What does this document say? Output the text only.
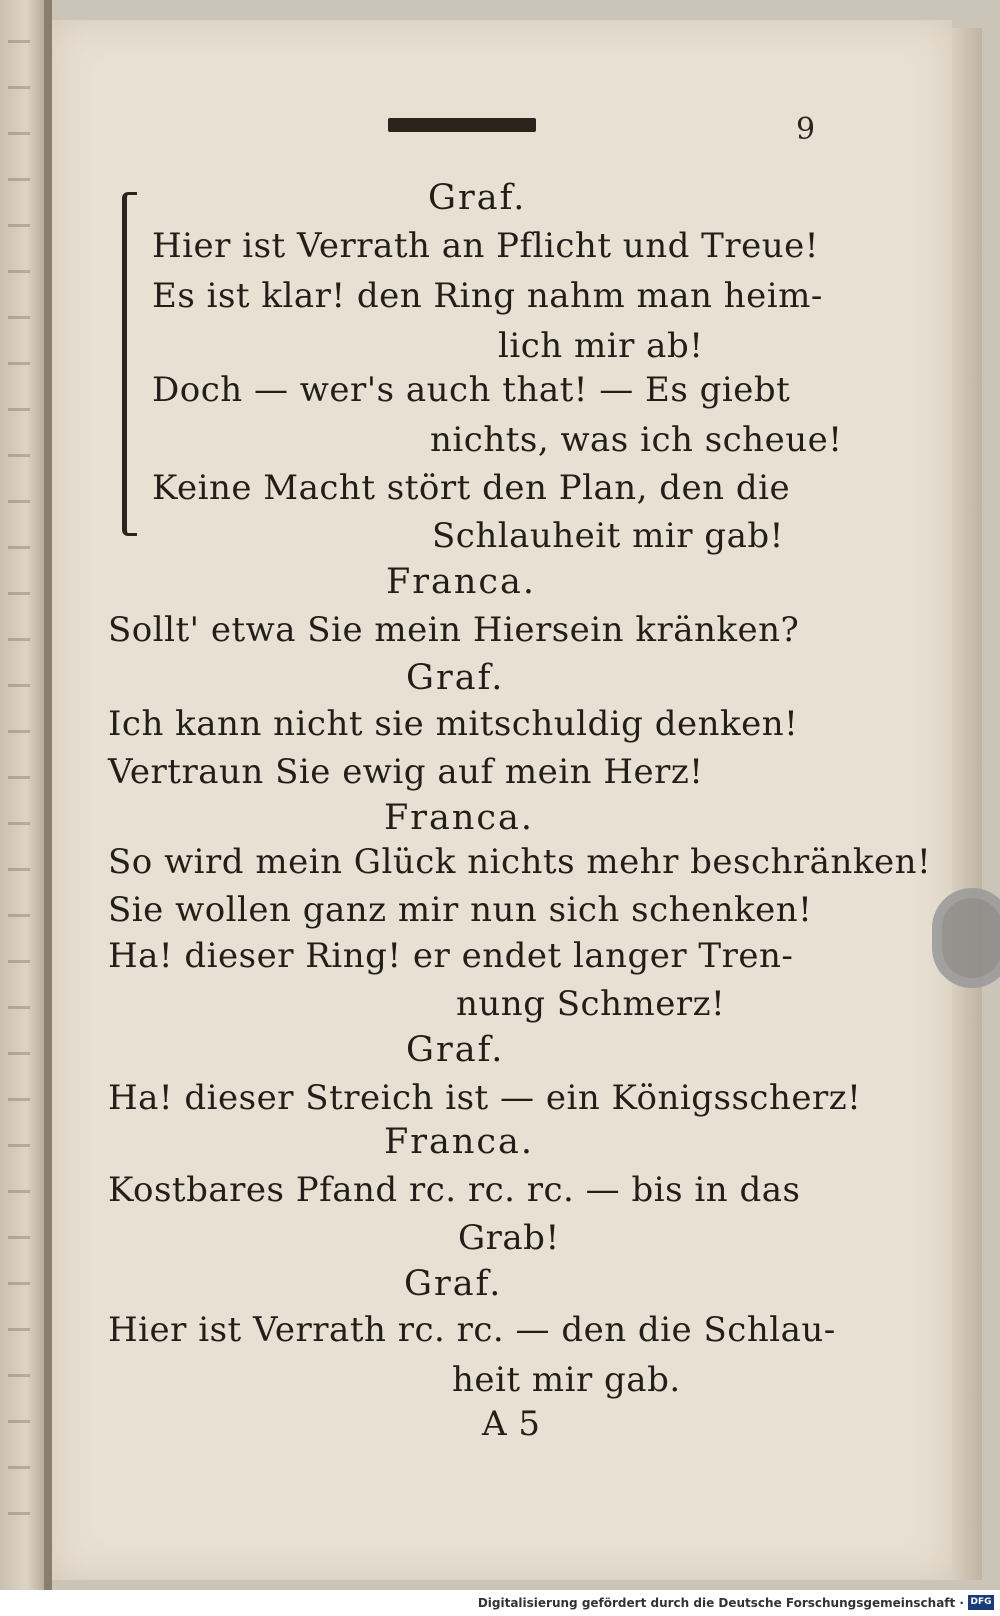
9
Graf.
Hier ist Verrath an Pflicht und Treue!
Es ist klar! den Ring nahm man heim-
lich mir ab!
Doch — wer's auch that! — Es giebt
nichts, was ich scheue!
Keine Macht stört den Plan, den die
Schlauheit mir gab!
Franca.
Sollt' etwa Sie mein Hiersein kränken?
Graf.
Ich kann nicht sie mitschuldig denken!
Vertraun Sie ewig auf mein Herz!
Franca.
So wird mein Glück nichts mehr beschränken!
Sie wollen ganz mir nun sich schenken!
Ha! dieser Ring! er endet langer Tren-
nung Schmerz!
Graf.
Ha! dieser Streich ist — ein Königsscherz!
Franca.
Kostbares Pfand rc. rc. rc. — bis in das
Grab!
Graf.
Hier ist Verrath rc. rc. — den die Schlau-
heit mir gab.
A 5
Digitalisierung gefördert durch die Deutsche Forschungsgemeinschaft · DFG
